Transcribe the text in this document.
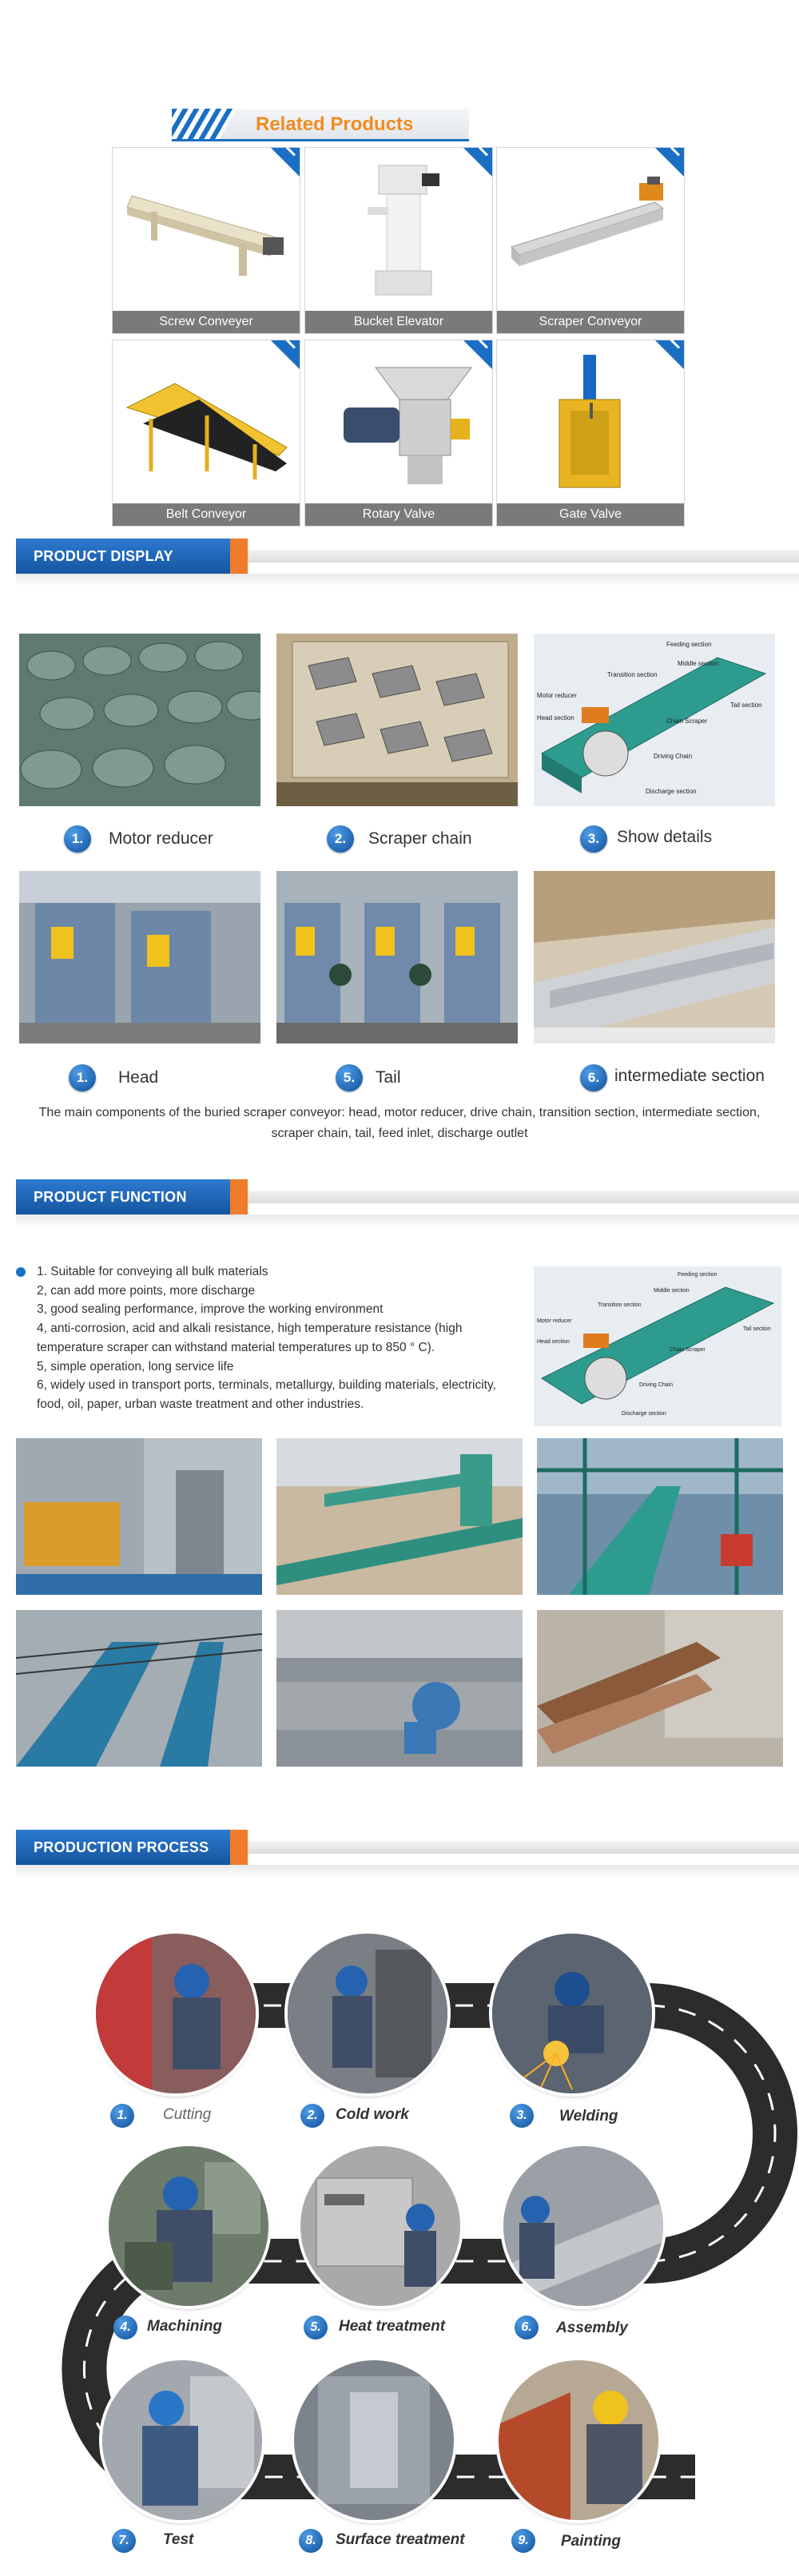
Related Products
Screw Conveyer	Bucket Elevator	Scraper Conveyor
Belt Conveyor	Rotary Valve	Gate Valve
PRODUCT DISPLAY
Feeding section
Middle section
Transition section
Motor reducer
Head section	Chain Scraper
Tail section
Driving Chain
Discharge section
1.	Motor reducer	2.	Scraper chain	3.	Show details
1.	Head	5.	Tail	6. intermediate section
The main components of the buried scraper conveyor: head, motor reducer, drive chain, transition section, intermediate section, scraper chain, tail, feed inlet, discharge outlet
PRODUCT FUNCTION
1. Suitable for conveying all bulk materials
2, can add more points, more discharge
3, good sealing performance, improve the working environment
4, anti-corrosion, acid and alkali resistance, high temperature resistance (high
temperature scraper can withstand material temperatures up to 850 ° C).
5, simple operation, long service life
6, widely used in transport ports, terminals, metallurgy, building materials, electricity,
food, oil, paper, urban waste treatment and other industries.
Feeding section
Middle section
Transition section
Motor reducer
Head section
Chain Scraper
Tail section
Driving Chain
Discharge section
PRODUCTION PROCESS
1.	Cutting	2.	Cold work	3.	Welding
4.	Machining	5.	Heat treatment	6.	Assembly
7.	Test	8.	Surface treatment	9.	Painting
